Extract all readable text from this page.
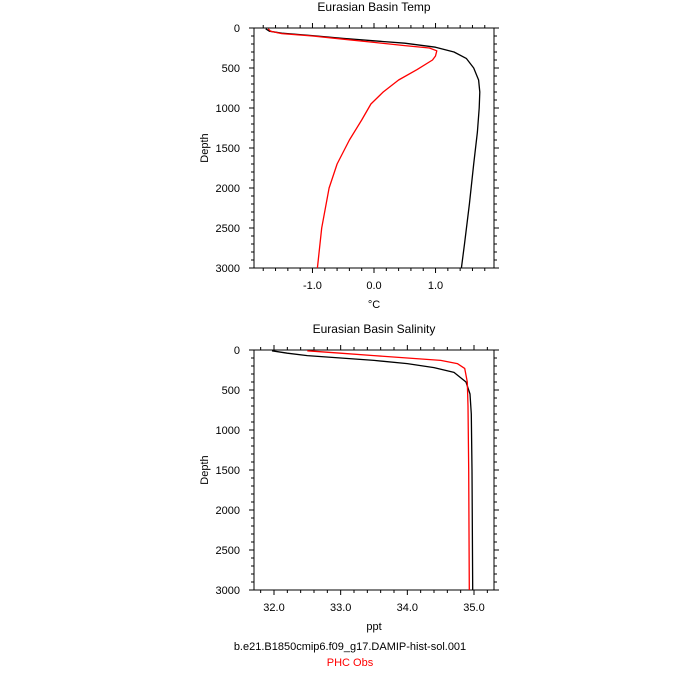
Eurasian Basin Temp
°C
Depth
0
500
1000
1500
2000
2500
3000
-1.0	0.0	1.0
Eurasian Basin Salinity
ppt
Depth
0
500
1000
1500
2000
2500
3000
32.0	33.0	34.0	35.0
b.e21.B1850cmip6.f09_g17.DAMIP-hist-sol.001
PHC Obs
